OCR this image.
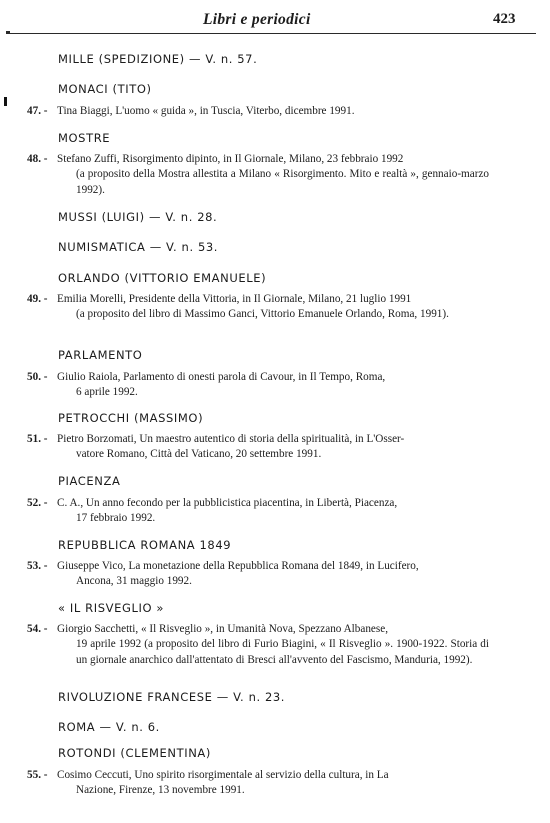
Libri e periodici	423
MILLE (SPEDIZIONE) — V. n. 57.
MONACI (TITO)
MOSTRE
MUSSI (LUIGI) — V. n. 28.
NUMISMATICA — V. n. 53.
ORLANDO (VITTORIO EMANUELE)
PARLAMENTO
PETROCCHI (MASSIMO)
PIACENZA
REPUBBLICA ROMANA 1849
« IL RISVEGLIO »
RIVOLUZIONE FRANCESE — V. n. 23.
ROMA — V. n. 6.
ROTONDI (CLEMENTINA)
47. - Tina Biaggi, L'uomo « guida », in Tuscia, Viterbo, dicembre 1991.
48. - Stefano Zuffi, Risorgimento dipinto, in Il Giornale, Milano, 23 febbraio 1992
(a proposito della Mostra allestita a Milano « Risorgimento. Mito e realtà », gennaio-marzo 1992).
49. - Emilia Morelli, Presidente della Vittoria, in Il Giornale, Milano, 21 luglio 1991
(a proposito del libro di Massimo Ganci, Vittorio Emanuele Orlando, Roma, 1991).
50. - Giulio Raiola, Parlamento di onesti parola di Cavour, in Il Tempo, Roma,
6 aprile 1992.
51. - Pietro Borzomati, Un maestro autentico di storia della spiritualità, in L'Osser-
vatore Romano, Città del Vaticano, 20 settembre 1991.
52. - C. A., Un anno fecondo per la pubblicistica piacentina, in Libertà, Piacenza,
17 febbraio 1992.
53. - Giuseppe Vico, La monetazione della Repubblica Romana del 1849, in Lucifero,
Ancona, 31 maggio 1992.
54. - Giorgio Sacchetti, « Il Risveglio », in Umanità Nova, Spezzano Albanese,
19 aprile 1992 (a proposito del libro di Furio Biagini, « Il Risveglio ». 1900-1922. Storia di un giornale anarchico dall'attentato di Bresci all'avvento del Fascismo, Manduria, 1992).
55. - Cosimo Ceccuti, Uno spirito risorgimentale al servizio della cultura, in La
Nazione, Firenze, 13 novembre 1991.
